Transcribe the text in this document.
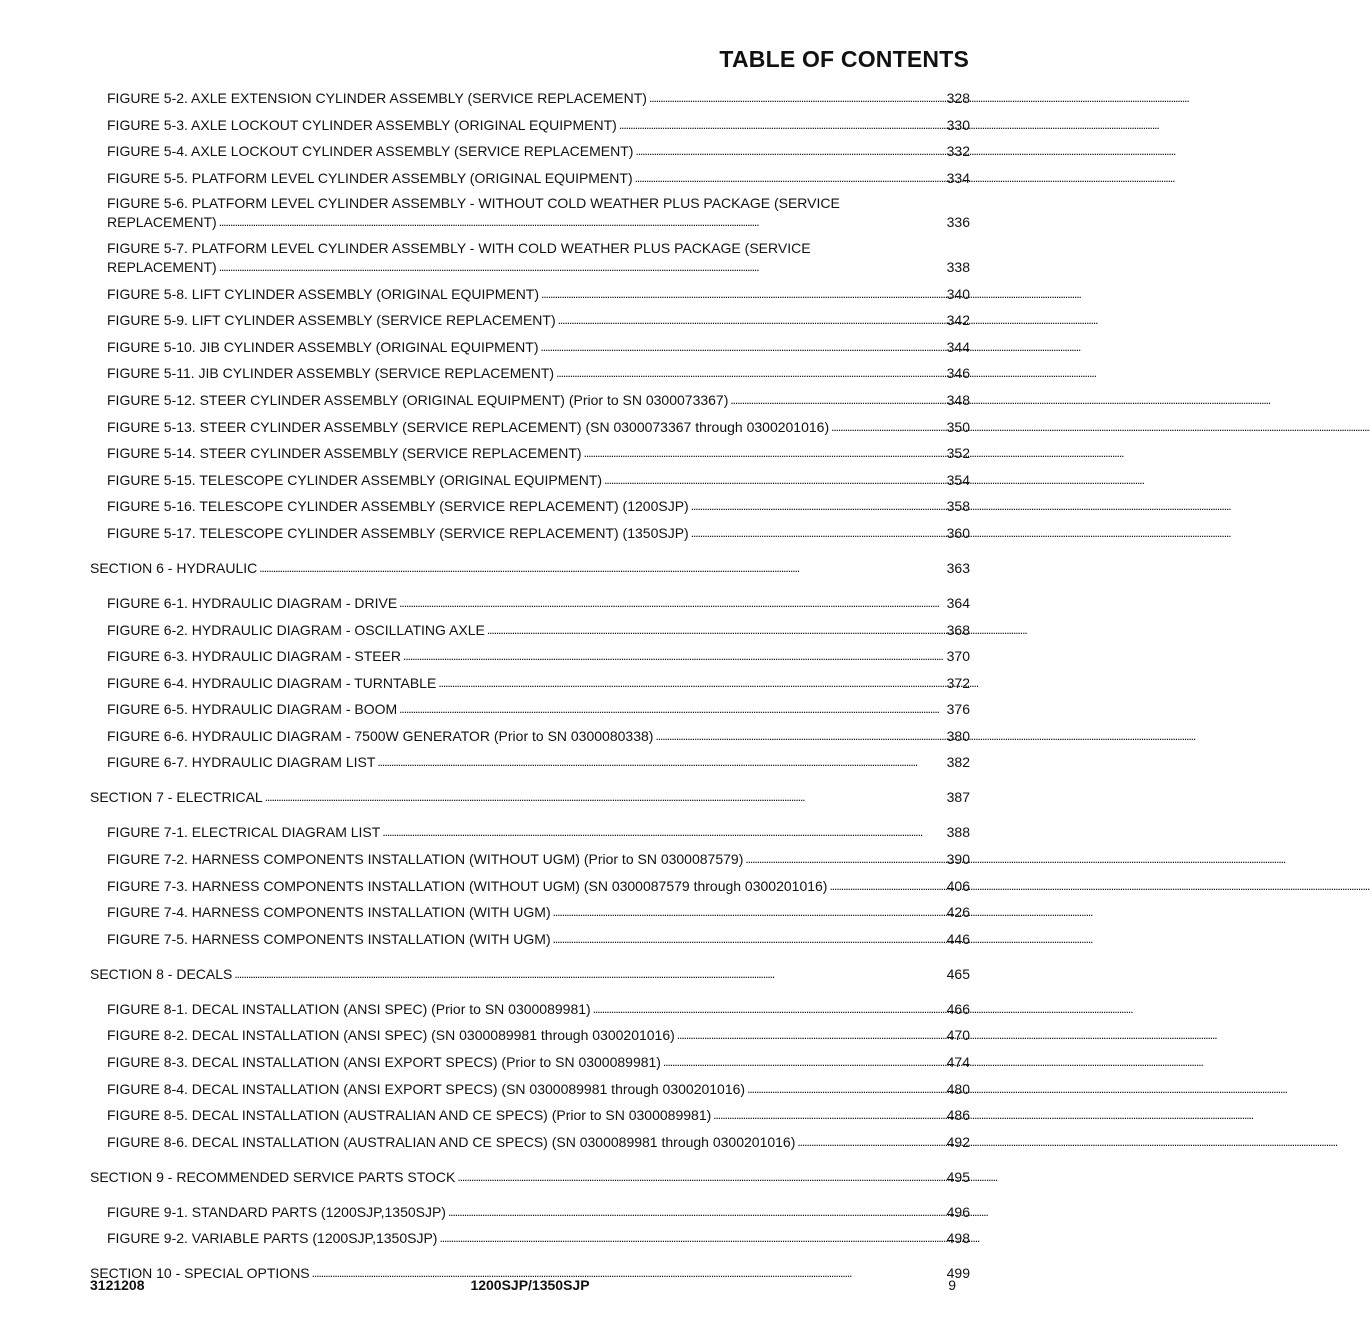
TABLE OF CONTENTS
FIGURE 5-2. AXLE EXTENSION CYLINDER ASSEMBLY (SERVICE REPLACEMENT) . . .	328
FIGURE 5-3. AXLE LOCKOUT CYLINDER ASSEMBLY (ORIGINAL EQUIPMENT) . . .	330
FIGURE 5-4. AXLE LOCKOUT CYLINDER ASSEMBLY (SERVICE REPLACEMENT) . . .	332
FIGURE 5-5. PLATFORM LEVEL CYLINDER ASSEMBLY (ORIGINAL EQUIPMENT) . . .	334
FIGURE 5-6. PLATFORM LEVEL CYLINDER ASSEMBLY - WITHOUT COLD WEATHER PLUS PACKAGE (SERVICE
REPLACEMENT) . . .	336
FIGURE 5-7. PLATFORM LEVEL CYLINDER ASSEMBLY - WITH COLD WEATHER PLUS PACKAGE (SERVICE
REPLACEMENT) . . .	338
FIGURE 5-8. LIFT CYLINDER ASSEMBLY (ORIGINAL EQUIPMENT) . . .	340
FIGURE 5-9. LIFT CYLINDER ASSEMBLY (SERVICE REPLACEMENT) . . .	342
FIGURE 5-10. JIB CYLINDER ASSEMBLY (ORIGINAL EQUIPMENT) . . .	344
FIGURE 5-11. JIB CYLINDER ASSEMBLY (SERVICE REPLACEMENT) . . .	346
FIGURE 5-12. STEER CYLINDER ASSEMBLY (ORIGINAL EQUIPMENT) (Prior to SN 0300073367) . . .	348
FIGURE 5-13. STEER CYLINDER ASSEMBLY (SERVICE REPLACEMENT) (SN 0300073367 through 0300201016) . . .	350
FIGURE 5-14. STEER CYLINDER ASSEMBLY (SERVICE REPLACEMENT) . . .	352
FIGURE 5-15. TELESCOPE CYLINDER ASSEMBLY (ORIGINAL EQUIPMENT) . . .	354
FIGURE 5-16. TELESCOPE CYLINDER ASSEMBLY (SERVICE REPLACEMENT) (1200SJP) . . .	358
FIGURE 5-17. TELESCOPE CYLINDER ASSEMBLY (SERVICE REPLACEMENT) (1350SJP) . . .	360
SECTION 6 - HYDRAULIC . . .	363
FIGURE 6-1. HYDRAULIC DIAGRAM - DRIVE . . .	364
FIGURE 6-2. HYDRAULIC DIAGRAM - OSCILLATING AXLE . . .	368
FIGURE 6-3. HYDRAULIC DIAGRAM - STEER . . .	370
FIGURE 6-4. HYDRAULIC DIAGRAM - TURNTABLE . . .	372
FIGURE 6-5. HYDRAULIC DIAGRAM - BOOM . . .	376
FIGURE 6-6. HYDRAULIC DIAGRAM - 7500W GENERATOR (Prior to SN 0300080338) . . .	380
FIGURE 6-7. HYDRAULIC DIAGRAM LIST . . .	382
SECTION 7 - ELECTRICAL . . .	387
FIGURE 7-1. ELECTRICAL DIAGRAM LIST . . .	388
FIGURE 7-2. HARNESS COMPONENTS INSTALLATION (WITHOUT UGM) (Prior to SN 0300087579) . . .	390
FIGURE 7-3. HARNESS COMPONENTS INSTALLATION (WITHOUT UGM) (SN 0300087579 through 0300201016) . . .	406
FIGURE 7-4. HARNESS COMPONENTS INSTALLATION (WITH UGM) . . .	426
FIGURE 7-5. HARNESS COMPONENTS INSTALLATION (WITH UGM) . . .	446
SECTION 8 - DECALS . . .	465
FIGURE 8-1. DECAL INSTALLATION (ANSI SPEC) (Prior to SN 0300089981) . . .	466
FIGURE 8-2. DECAL INSTALLATION (ANSI SPEC) (SN 0300089981 through 0300201016) . . .	470
FIGURE 8-3. DECAL INSTALLATION (ANSI EXPORT SPECS) (Prior to SN 0300089981) . . .	474
FIGURE 8-4. DECAL INSTALLATION (ANSI EXPORT SPECS) (SN 0300089981 through 0300201016) . . .	480
FIGURE 8-5. DECAL INSTALLATION (AUSTRALIAN AND CE SPECS) (Prior to SN 0300089981) . . .	486
FIGURE 8-6. DECAL INSTALLATION (AUSTRALIAN AND CE SPECS) (SN 0300089981 through 0300201016) . . .	492
SECTION 9 - RECOMMENDED SERVICE PARTS STOCK . . .	495
FIGURE 9-1. STANDARD PARTS (1200SJP,1350SJP) . . .	496
FIGURE 9-2. VARIABLE PARTS (1200SJP,1350SJP) . . .	498
SECTION 10 - SPECIAL OPTIONS . . .	499
3121208	1200SJP/1350SJP	9
